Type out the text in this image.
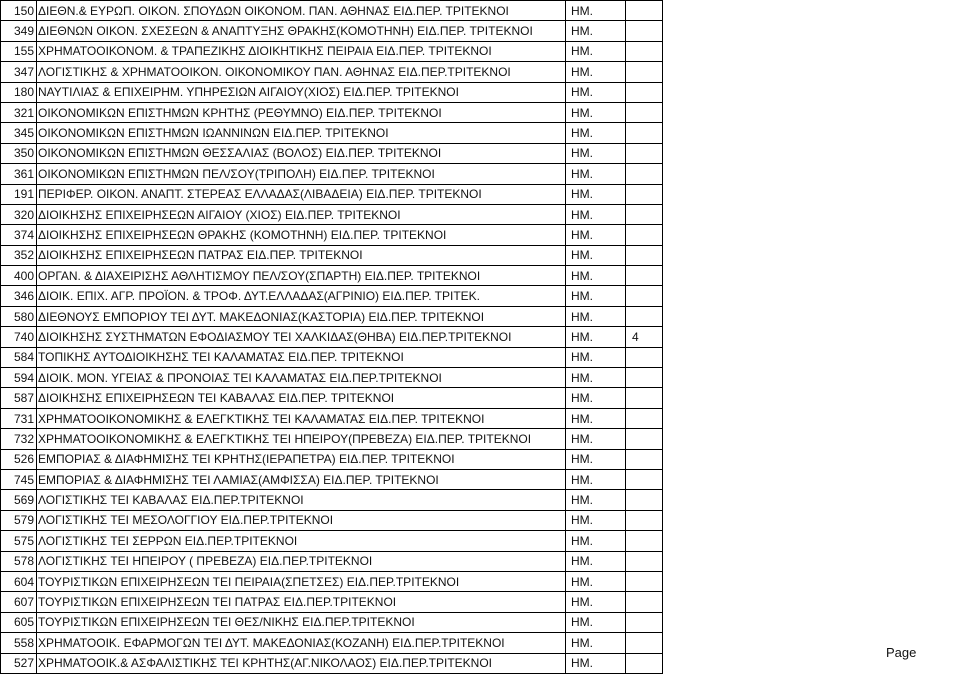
150	ΔΙΕΘΝ.& ΕΥΡΩΠ. ΟΙΚΟΝ. ΣΠΟΥΔΩΝ ΟΙΚΟΝΟΜ. ΠΑΝ. ΑΘΗΝΑΣ ΕΙΔ.ΠΕΡ. ΤΡΙΤΕΚΝΟΙ	ΗΜ.	
349	ΔΙΕΘΝΩΝ ΟΙΚΟΝ. ΣΧΕΣΕΩΝ & ΑΝΑΠΤΥΞΗΣ ΘΡΑΚΗΣ(ΚΟΜΟΤΗΝΗ) ΕΙΔ.ΠΕΡ. ΤΡΙΤΕΚΝΟΙ	ΗΜ.	
155	ΧΡΗΜΑΤΟΟΙΚΟΝΟΜ. & ΤΡΑΠΕΖΙΚΗΣ ΔΙΟΙΚΗΤΙΚΗΣ ΠΕΙΡΑΙΑ ΕΙΔ.ΠΕΡ. ΤΡΙΤΕΚΝΟΙ	ΗΜ.	
347	ΛΟΓΙΣΤΙΚΗΣ & ΧΡΗΜΑΤΟΟΙΚΟΝ. ΟΙΚΟΝΟΜΙΚΟΥ ΠΑΝ. ΑΘΗΝΑΣ ΕΙΔ.ΠΕΡ.ΤΡΙΤΕΚΝΟΙ	ΗΜ.	
180	ΝΑΥΤΙΛΙΑΣ & ΕΠΙΧΕΙΡΗΜ. ΥΠΗΡΕΣΙΩΝ ΑΙΓΑΙΟΥ(ΧΙΟΣ) ΕΙΔ.ΠΕΡ. ΤΡΙΤΕΚΝΟΙ	ΗΜ.	
321	ΟΙΚΟΝΟΜΙΚΩΝ ΕΠΙΣΤΗΜΩΝ ΚΡΗΤΗΣ (ΡΕΘΥΜΝΟ) ΕΙΔ.ΠΕΡ. ΤΡΙΤΕΚΝΟΙ	ΗΜ.	
345	ΟΙΚΟΝΟΜΙΚΩΝ ΕΠΙΣΤΗΜΩΝ ΙΩΑΝΝΙΝΩΝ ΕΙΔ.ΠΕΡ. ΤΡΙΤΕΚΝΟΙ	ΗΜ.	
350	ΟΙΚΟΝΟΜΙΚΩΝ ΕΠΙΣΤΗΜΩΝ ΘΕΣΣΑΛΙΑΣ (ΒΟΛΟΣ) ΕΙΔ.ΠΕΡ. ΤΡΙΤΕΚΝΟΙ	ΗΜ.	
361	ΟΙΚΟΝΟΜΙΚΩΝ ΕΠΙΣΤΗΜΩΝ ΠΕΛ/ΣΟΥ(ΤΡΙΠΟΛΗ) ΕΙΔ.ΠΕΡ. ΤΡΙΤΕΚΝΟΙ	ΗΜ.	
191	ΠΕΡΙΦΕΡ. ΟΙΚΟΝ. ΑΝΑΠΤ. ΣΤΕΡΕΑΣ ΕΛΛΑΔΑΣ(ΛΙΒΑΔΕΙΑ) ΕΙΔ.ΠΕΡ. ΤΡΙΤΕΚΝΟΙ	ΗΜ.	
320	ΔΙΟΙΚΗΣΗΣ ΕΠΙΧΕΙΡΗΣΕΩΝ ΑΙΓΑΙΟΥ (ΧΙΟΣ) ΕΙΔ.ΠΕΡ. ΤΡΙΤΕΚΝΟΙ	ΗΜ.	
374	ΔΙΟΙΚΗΣΗΣ ΕΠΙΧΕΙΡΗΣΕΩΝ ΘΡΑΚΗΣ (ΚΟΜΟΤΗΝΗ) ΕΙΔ.ΠΕΡ. ΤΡΙΤΕΚΝΟΙ	ΗΜ.	
352	ΔΙΟΙΚΗΣΗΣ ΕΠΙΧΕΙΡΗΣΕΩΝ ΠΑΤΡΑΣ ΕΙΔ.ΠΕΡ. ΤΡΙΤΕΚΝΟΙ	ΗΜ.	
400	ΟΡΓΑΝ. & ΔΙΑΧΕΙΡΙΣΗΣ ΑΘΛΗΤΙΣΜΟΥ ΠΕΛ/ΣΟΥ(ΣΠΑΡΤΗ) ΕΙΔ.ΠΕΡ. ΤΡΙΤΕΚΝΟΙ	ΗΜ.	
346	ΔΙΟΙΚ. ΕΠΙΧ. ΑΓΡ. ΠΡΟΪΟΝ. & ΤΡΟΦ. ΔΥΤ.ΕΛΛΑΔΑΣ(ΑΓΡΙΝΙΟ) ΕΙΔ.ΠΕΡ. ΤΡΙΤΕΚ.	ΗΜ.	
580	ΔΙΕΘΝΟΥΣ ΕΜΠΟΡΙΟΥ ΤΕΙ ΔΥΤ. ΜΑΚΕΔΟΝΙΑΣ(ΚΑΣΤΟΡΙΑ) ΕΙΔ.ΠΕΡ. ΤΡΙΤΕΚΝΟΙ	ΗΜ.	
740	ΔΙΟΙΚΗΣΗΣ ΣΥΣΤΗΜΑΤΩΝ ΕΦΟΔΙΑΣΜΟΥ ΤΕΙ ΧΑΛΚΙΔΑΣ(ΘΗΒΑ) ΕΙΔ.ΠΕΡ.ΤΡΙΤΕΚΝΟΙ	ΗΜ.	4
584	ΤΟΠΙΚΗΣ ΑΥΤΟΔΙΟΙΚΗΣΗΣ ΤΕΙ ΚΑΛΑΜΑΤΑΣ ΕΙΔ.ΠΕΡ. ΤΡΙΤΕΚΝΟΙ	ΗΜ.	
594	ΔΙΟΙΚ. ΜΟΝ. ΥΓΕΙΑΣ & ΠΡΟΝΟΙΑΣ ΤΕΙ ΚΑΛΑΜΑΤΑΣ ΕΙΔ.ΠΕΡ.ΤΡΙΤΕΚΝΟΙ	ΗΜ.	
587	ΔΙΟΙΚΗΣΗΣ ΕΠΙΧΕΙΡΗΣΕΩΝ ΤΕΙ ΚΑΒΑΛΑΣ ΕΙΔ.ΠΕΡ. ΤΡΙΤΕΚΝΟΙ	ΗΜ.	
731	ΧΡΗΜΑΤΟΟΙΚΟΝΟΜΙΚΗΣ & ΕΛΕΓΚΤΙΚΗΣ ΤΕΙ ΚΑΛΑΜΑΤΑΣ ΕΙΔ.ΠΕΡ. ΤΡΙΤΕΚΝΟΙ	ΗΜ.	
732	ΧΡΗΜΑΤΟΟΙΚΟΝΟΜΙΚΗΣ & ΕΛΕΓΚΤΙΚΗΣ ΤΕΙ ΗΠΕΙΡΟΥ(ΠΡΕΒΕΖΑ) ΕΙΔ.ΠΕΡ. ΤΡΙΤΕΚΝΟΙ	ΗΜ.	
526	ΕΜΠΟΡΙΑΣ & ΔΙΑΦΗΜΙΣΗΣ ΤΕΙ ΚΡΗΤΗΣ(ΙΕΡΑΠΕΤΡΑ) ΕΙΔ.ΠΕΡ. ΤΡΙΤΕΚΝΟΙ	ΗΜ.	
745	ΕΜΠΟΡΙΑΣ & ΔΙΑΦΗΜΙΣΗΣ ΤΕΙ ΛΑΜΙΑΣ(ΑΜΦΙΣΣΑ) ΕΙΔ.ΠΕΡ. ΤΡΙΤΕΚΝΟΙ	ΗΜ.	
569	ΛΟΓΙΣΤΙΚΗΣ ΤΕΙ ΚΑΒΑΛΑΣ ΕΙΔ.ΠΕΡ.ΤΡΙΤΕΚΝΟΙ	ΗΜ.	
579	ΛΟΓΙΣΤΙΚΗΣ ΤΕΙ ΜΕΣΟΛΟΓΓΙΟΥ ΕΙΔ.ΠΕΡ.ΤΡΙΤΕΚΝΟΙ	ΗΜ.	
575	ΛΟΓΙΣΤΙΚΗΣ ΤΕΙ ΣΕΡΡΩΝ ΕΙΔ.ΠΕΡ.ΤΡΙΤΕΚΝΟΙ	ΗΜ.	
578	ΛΟΓΙΣΤΙΚΗΣ ΤΕΙ ΗΠΕΙΡΟΥ ( ΠΡΕΒΕΖΑ) ΕΙΔ.ΠΕΡ.ΤΡΙΤΕΚΝΟΙ	ΗΜ.	
604	ΤΟΥΡΙΣΤΙΚΩΝ ΕΠΙΧΕΙΡΗΣΕΩΝ ΤΕΙ ΠΕΙΡΑΙΑ(ΣΠΕΤΣΕΣ) ΕΙΔ.ΠΕΡ.ΤΡΙΤΕΚΝΟΙ	ΗΜ.	
607	ΤΟΥΡΙΣΤΙΚΩΝ ΕΠΙΧΕΙΡΗΣΕΩΝ ΤΕΙ ΠΑΤΡΑΣ ΕΙΔ.ΠΕΡ.ΤΡΙΤΕΚΝΟΙ	ΗΜ.	
605	ΤΟΥΡΙΣΤΙΚΩΝ ΕΠΙΧΕΙΡΗΣΕΩΝ ΤΕΙ ΘΕΣ/ΝΙΚΗΣ ΕΙΔ.ΠΕΡ.ΤΡΙΤΕΚΝΟΙ	ΗΜ.	
558	ΧΡΗΜΑΤΟΟΙΚ. ΕΦΑΡΜΟΓΩΝ ΤΕΙ ΔΥΤ. ΜΑΚΕΔΟΝΙΑΣ(ΚΟΖΑΝΗ) ΕΙΔ.ΠΕΡ.ΤΡΙΤΕΚΝΟΙ	ΗΜ.	
527	ΧΡΗΜΑΤΟΟΙΚ.& ΑΣΦΑΛΙΣΤΙΚΗΣ ΤΕΙ ΚΡΗΤΗΣ(ΑΓ.ΝΙΚΟΛΑΟΣ) ΕΙΔ.ΠΕΡ.ΤΡΙΤΕΚΝΟΙ	ΗΜ.	
Page
